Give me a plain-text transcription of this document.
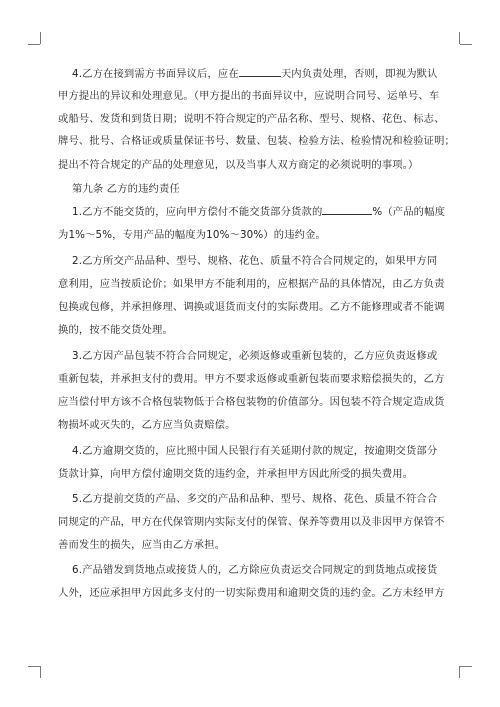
4.乙方在接到需方书面异议后，应在	天内负责处理，否则，即视为默认
甲方提出的异议和处理意见。（甲方提出的书面异议中，应说明合同号、运单号、车
或船号、发货和到货日期；说明不符合规定的产品名称、型号、规格、花色、标志、
牌号、批号、合格证或质量保证书号、数量、包装、检验方法、检验情况和检验证明；
提出不符合规定的产品的处理意见，以及当事人双方商定的必须说明的事项。）
第九条 乙方的违约责任
1.乙方不能交货的，应向甲方偿付不能交货部分货款的	%（产品的幅度
为1%～5%，专用产品的幅度为10%～30%）的违约金。
2.乙方所交产品品种、型号、规格、花色、质量不符合合同规定的，如果甲方同
意利用，应当按质论价；如果甲方不能利用的，应根据产品的具体情况，由乙方负责
包换或包修，并承担修理、调换或退货而支付的实际费用。乙方不能修理或者不能调
换的，按不能交货处理。
3.乙方因产品包装不符合合同规定，必须返修或重新包装的，乙方应负责返修或
重新包装，并承担支付的费用。甲方不要求返修或重新包装而要求赔偿损失的，乙方
应当偿付甲方该不合格包装物低于合格包装物的价值部分。因包装不符合规定造成货
物损坏或灭失的，乙方应当负责赔偿。
4.乙方逾期交货的，应比照中国人民银行有关延期付款的规定，按逾期交货部分
货款计算，向甲方偿付逾期交货的违约金，并承担甲方因此所受的损失费用。
5.乙方提前交货的产品、多交的产品和品种、型号、规格、花色、质量不符合合
同规定的产品，甲方在代保管期内实际支付的保管、保养等费用以及非因甲方保管不
善而发生的损失，应当由乙方承担。
6.产品错发到货地点或接货人的，乙方除应负责运交合同规定的到货地点或接货
人外，还应承担甲方因此多支付的一切实际费用和逾期交货的违约金。乙方未经甲方
